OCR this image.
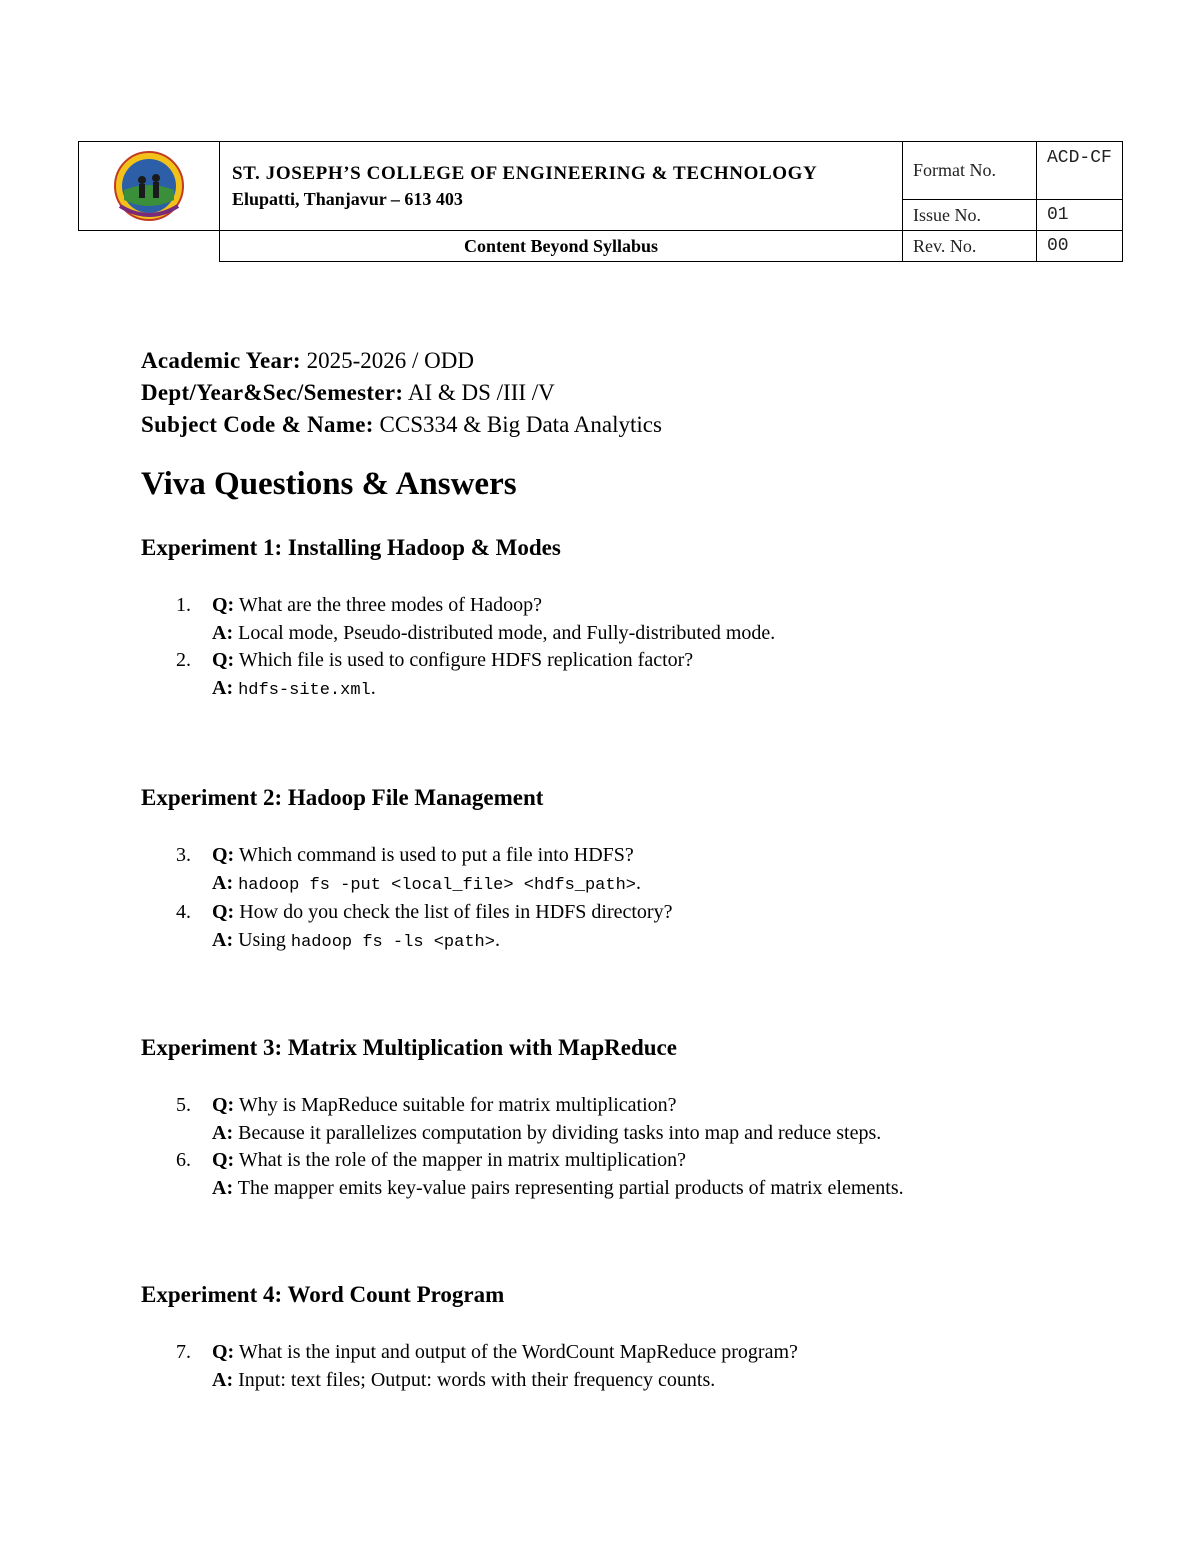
ST. JOSEPH’S COLLEGE OF ENGINEERING & TECHNOLOGY
Elupatti, Thanjavur – 613 403	Format No.	ACD-CF
		Issue No.	01
	Content Beyond Syllabus	Rev. No.	00
Academic Year: 2025-2026 / ODD
Dept/Year&Sec/Semester: AI & DS /III /V
Subject Code & Name: CCS334 & Big Data Analytics
Viva Questions & Answers
Experiment 1: Installing Hadoop & Modes
1. Q: What are the three modes of Hadoop?
A: Local mode, Pseudo-distributed mode, and Fully-distributed mode.
2. Q: Which file is used to configure HDFS replication factor?
A: hdfs-site.xml.
Experiment 2: Hadoop File Management
3. Q: Which command is used to put a file into HDFS?
A: hadoop fs -put <local_file> <hdfs_path>.
4. Q: How do you check the list of files in HDFS directory?
A: Using hadoop fs -ls <path>.
Experiment 3: Matrix Multiplication with MapReduce
5. Q: Why is MapReduce suitable for matrix multiplication?
A: Because it parallelizes computation by dividing tasks into map and reduce steps.
6. Q: What is the role of the mapper in matrix multiplication?
A: The mapper emits key-value pairs representing partial products of matrix elements.
Experiment 4: Word Count Program
7. Q: What is the input and output of the WordCount MapReduce program?
A: Input: text files; Output: words with their frequency counts.
